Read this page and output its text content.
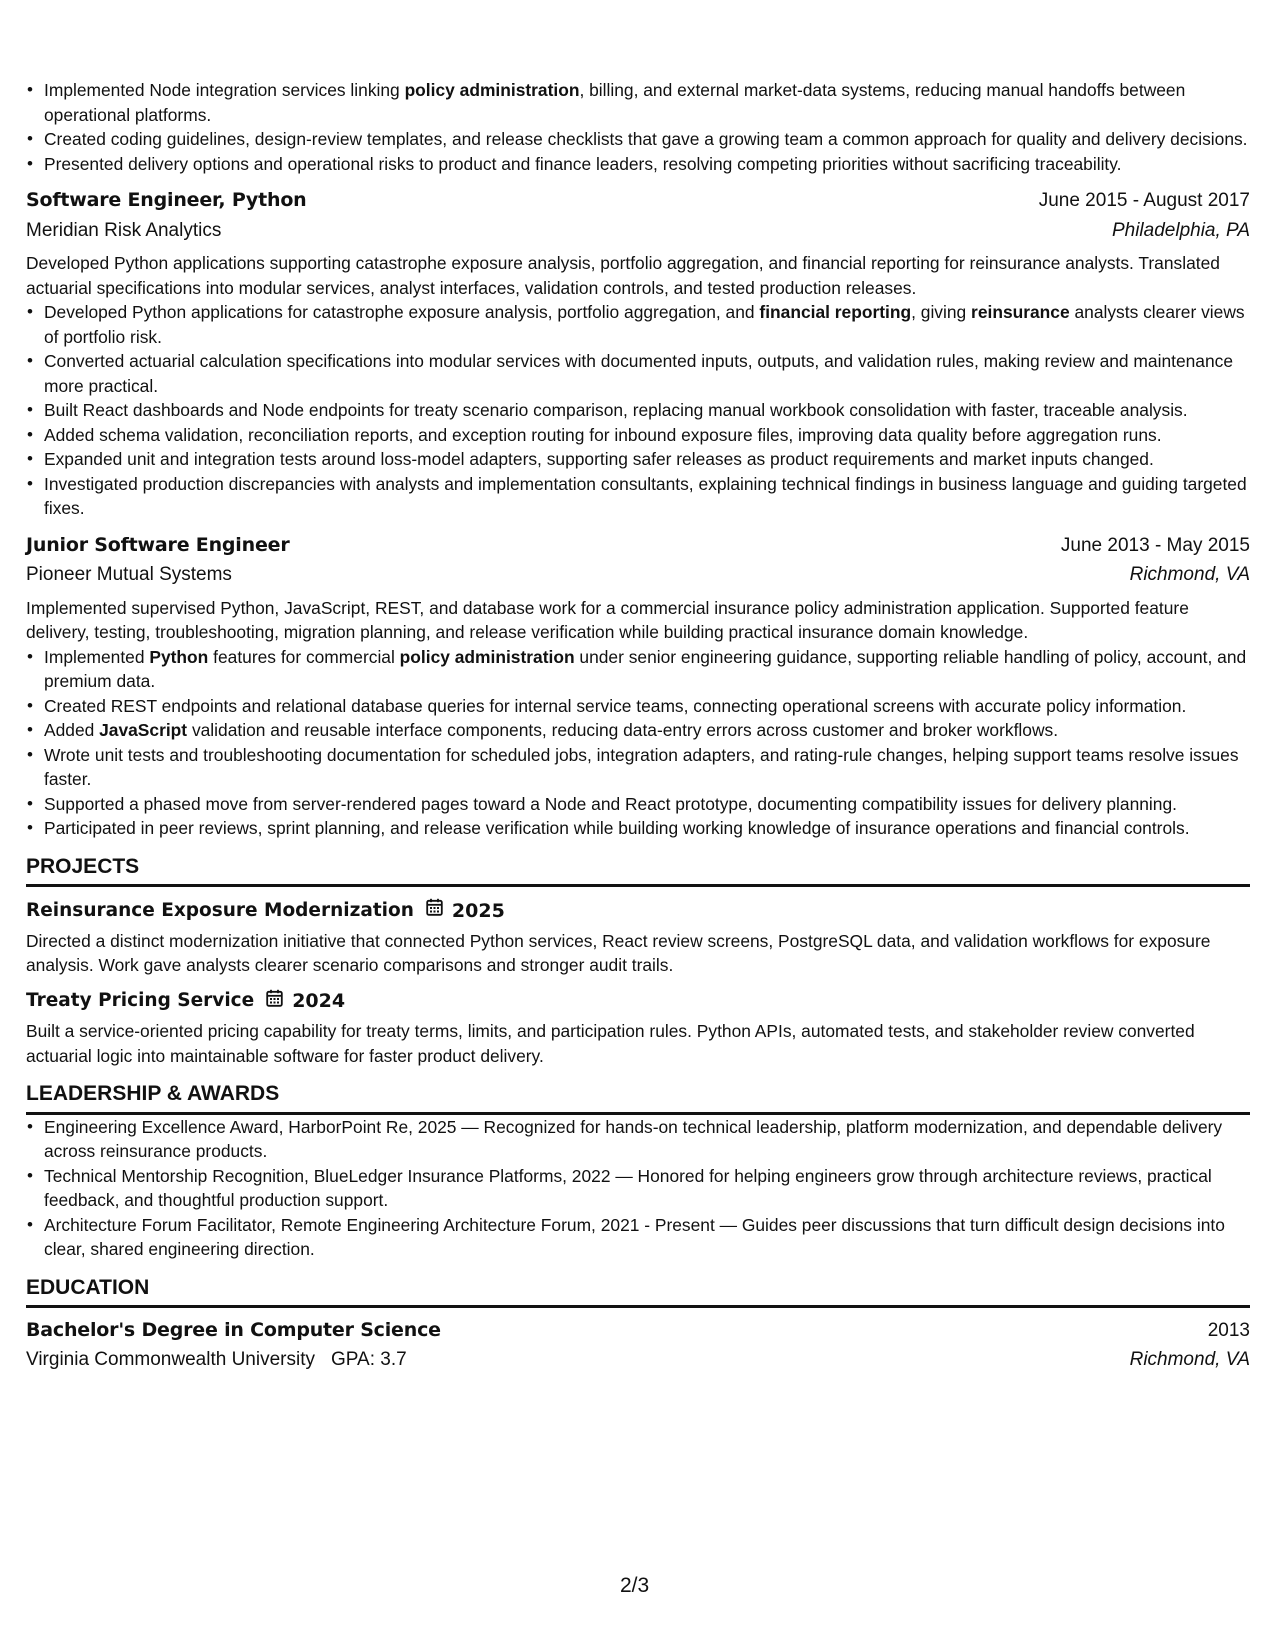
• Implemented Node integration services linking policy administration, billing, and external market-data systems, reducing manual handoffs between operational platforms.
• Created coding guidelines, design-review templates, and release checklists that gave a growing team a common approach for quality and delivery decisions.
• Presented delivery options and operational risks to product and finance leaders, resolving competing priorities without sacrificing traceability.
Software Engineer, Python	June 2015 - August 2017
Meridian Risk Analytics	Philadelphia, PA
Developed Python applications supporting catastrophe exposure analysis, portfolio aggregation, and financial reporting for reinsurance analysts. Translated actuarial specifications into modular services, analyst interfaces, validation controls, and tested production releases.
• Developed Python applications for catastrophe exposure analysis, portfolio aggregation, and financial reporting, giving reinsurance analysts clearer views of portfolio risk.
• Converted actuarial calculation specifications into modular services with documented inputs, outputs, and validation rules, making review and maintenance more practical.
• Built React dashboards and Node endpoints for treaty scenario comparison, replacing manual workbook consolidation with faster, traceable analysis.
• Added schema validation, reconciliation reports, and exception routing for inbound exposure files, improving data quality before aggregation runs.
• Expanded unit and integration tests around loss-model adapters, supporting safer releases as product requirements and market inputs changed.
• Investigated production discrepancies with analysts and implementation consultants, explaining technical findings in business language and guiding targeted fixes.
Junior Software Engineer	June 2013 - May 2015
Pioneer Mutual Systems	Richmond, VA
Implemented supervised Python, JavaScript, REST, and database work for a commercial insurance policy administration application. Supported feature delivery, testing, troubleshooting, migration planning, and release verification while building practical insurance domain knowledge.
• Implemented Python features for commercial policy administration under senior engineering guidance, supporting reliable handling of policy, account, and premium data.
• Created REST endpoints and relational database queries for internal service teams, connecting operational screens with accurate policy information.
• Added JavaScript validation and reusable interface components, reducing data-entry errors across customer and broker workflows.
• Wrote unit tests and troubleshooting documentation for scheduled jobs, integration adapters, and rating-rule changes, helping support teams resolve issues faster.
• Supported a phased move from server-rendered pages toward a Node and React prototype, documenting compatibility issues for delivery planning.
• Participated in peer reviews, sprint planning, and release verification while building working knowledge of insurance operations and financial controls.
PROJECTS
Reinsurance Exposure Modernization 2025
Directed a distinct modernization initiative that connected Python services, React review screens, PostgreSQL data, and validation workflows for exposure analysis. Work gave analysts clearer scenario comparisons and stronger audit trails.
Treaty Pricing Service 2024
Built a service-oriented pricing capability for treaty terms, limits, and participation rules. Python APIs, automated tests, and stakeholder review converted actuarial logic into maintainable software for faster product delivery.
LEADERSHIP & AWARDS
• Engineering Excellence Award, HarborPoint Re, 2025 — Recognized for hands-on technical leadership, platform modernization, and dependable delivery across reinsurance products.
• Technical Mentorship Recognition, BlueLedger Insurance Platforms, 2022 — Honored for helping engineers grow through architecture reviews, practical feedback, and thoughtful production support.
• Architecture Forum Facilitator, Remote Engineering Architecture Forum, 2021 - Present — Guides peer discussions that turn difficult design decisions into clear, shared engineering direction.
EDUCATION
Bachelor's Degree in Computer Science	2013
Virginia Commonwealth University GPA: 3.7	Richmond, VA
2/3
